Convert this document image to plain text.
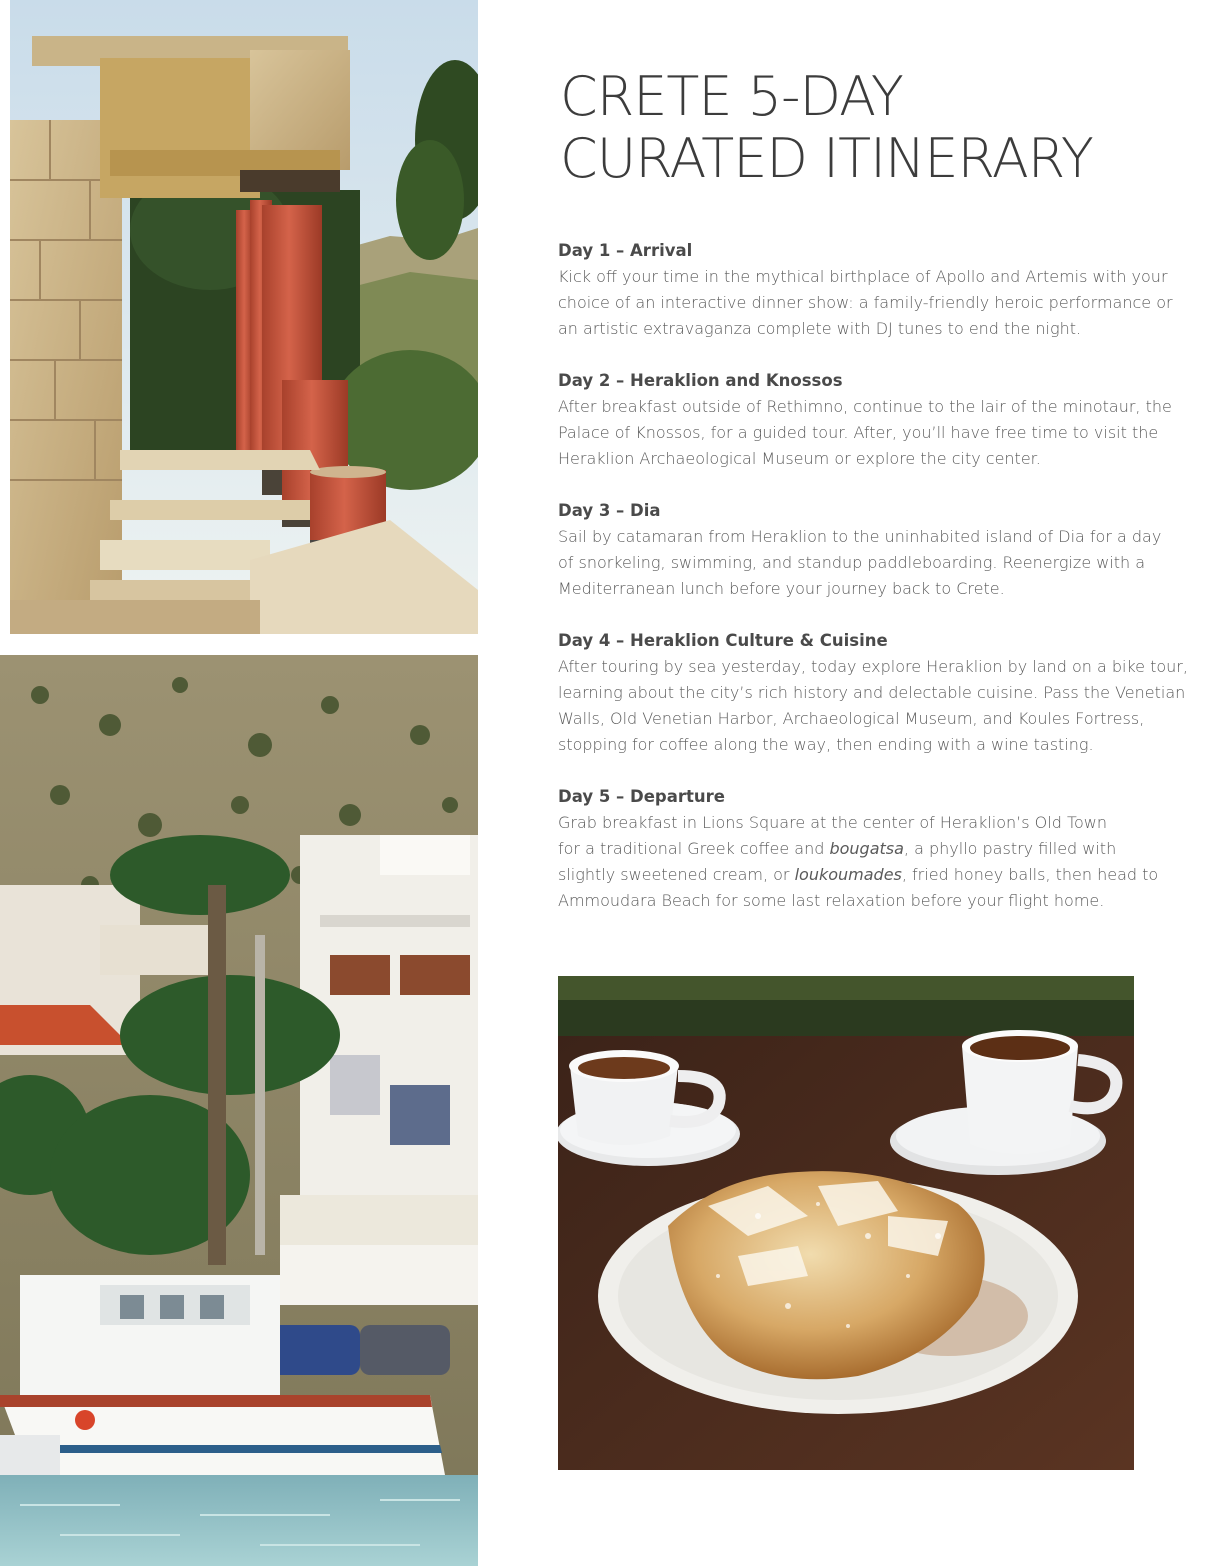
CRETE 5-DAY
CURATED ITINERARY
Day 1 – Arrival

Kick off your time in the mythical birthplace of Apollo and Artemis with your
choice of an interactive dinner show: a family-friendly heroic performance or
an artistic extravaganza complete with DJ tunes to end the night.

Day 2 – Heraklion and Knossos

After breakfast outside of Rethimno, continue to the lair of the minotaur, the
Palace of Knossos, for a guided tour. After, you’ll have free time to visit the
Heraklion Archaeological Museum or explore the city center.

Day 3 – Dia

Sail by catamaran from Heraklion to the uninhabited island of Dia for a day
of snorkeling, swimming, and standup paddleboarding. Reenergize with a
Mediterranean lunch before your journey back to Crete.

Day 4 – Heraklion Culture & Cuisine

After touring by sea yesterday, today explore Heraklion by land on a bike tour,
learning about the city’s rich history and delectable cuisine. Pass the Venetian
Walls, Old Venetian Harbor, Archaeological Museum, and Koules Fortress,
stopping for coffee along the way, then ending with a wine tasting.

Day 5 – Departure

Grab breakfast in Lions Square at the center of Heraklion’s Old Town
for a traditional Greek coffee and bougatsa, a phyllo pastry filled with
slightly sweetened cream, or loukoumades, fried honey balls, then head to
Ammoudara Beach for some last relaxation before your flight home.
